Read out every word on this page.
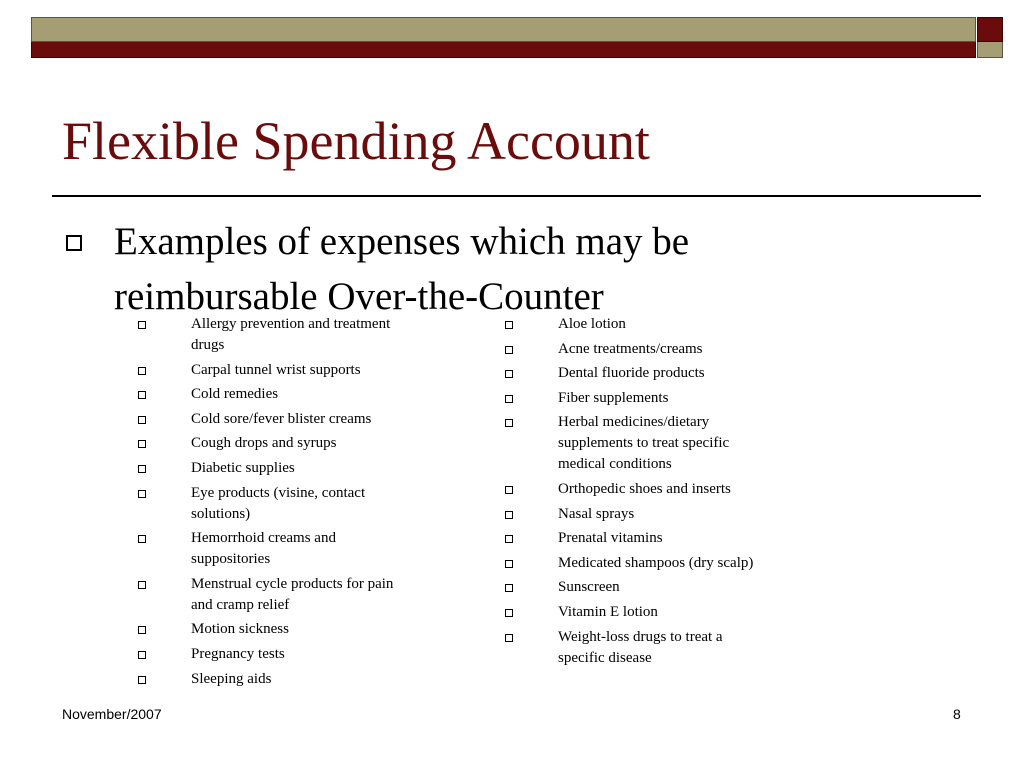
Flexible Spending Account
Examples of expenses which may be reimbursable Over-the-Counter
Allergy prevention and treatment drugs
Carpal tunnel wrist supports
Cold remedies
Cold sore/fever blister creams
Cough drops and syrups
Diabetic supplies
Eye products (visine, contact solutions)
Hemorrhoid creams and suppositories
Menstrual cycle products for pain and cramp relief
Motion sickness
Pregnancy tests
Sleeping aids
Aloe lotion
Acne treatments/creams
Dental fluoride products
Fiber supplements
Herbal medicines/dietary supplements to treat specific medical conditions
Orthopedic shoes and inserts
Nasal sprays
Prenatal vitamins
Medicated shampoos (dry scalp)
Sunscreen
Vitamin E lotion
Weight-loss drugs to treat a specific disease
November/2007	8
